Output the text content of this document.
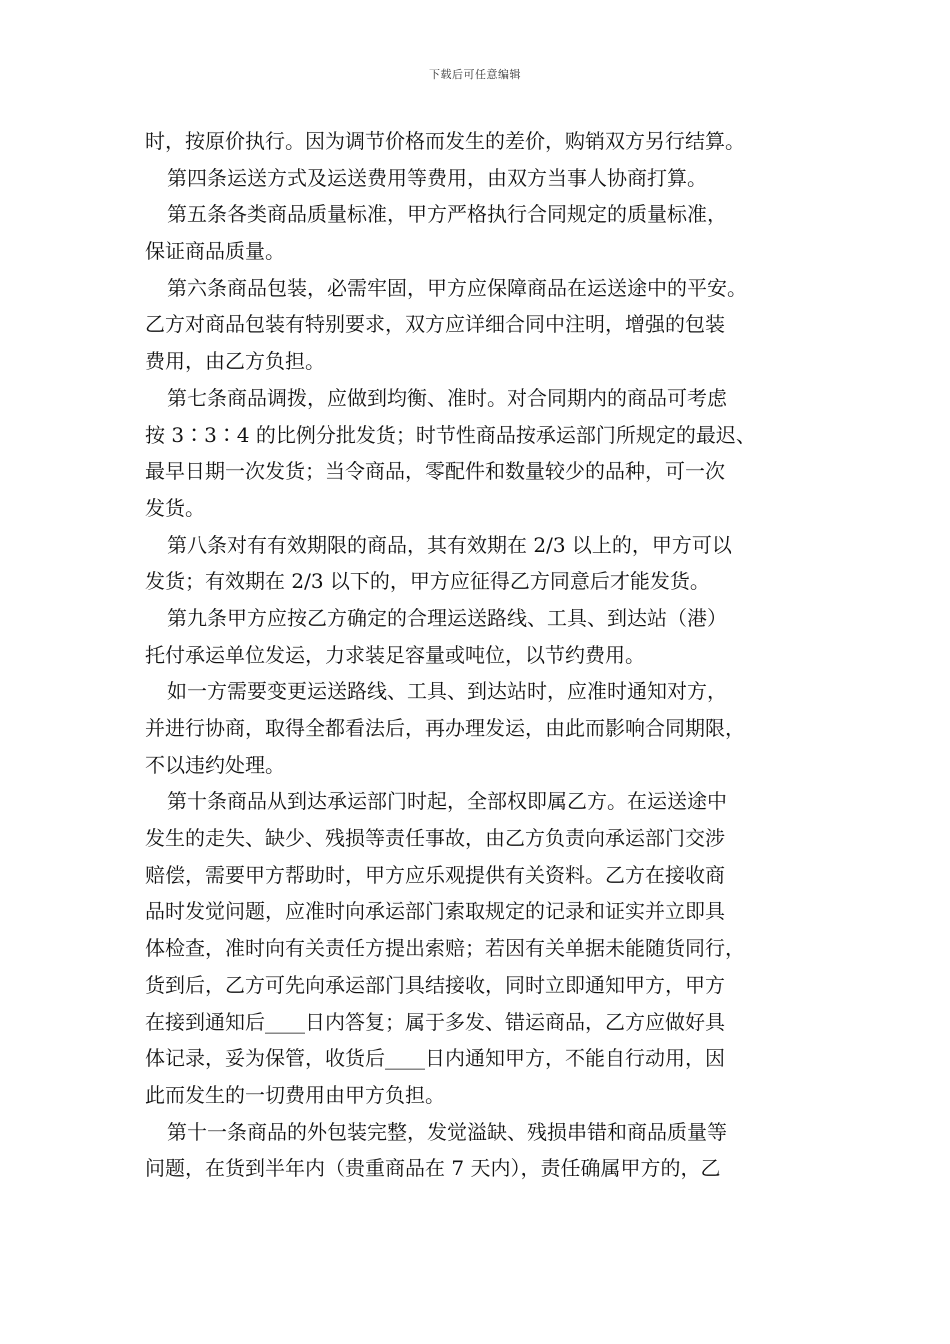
下载后可任意编辑
时，按原价执行。因为调节价格而发生的差价，购销双方另行结算。
第四条运送方式及运送费用等费用，由双方当事人协商打算。
第五条各类商品质量标准，甲方严格执行合同规定的质量标准，
保证商品质量。
第六条商品包装，必需牢固，甲方应保障商品在运送途中的平安。
乙方对商品包装有特别要求，双方应详细合同中注明，增强的包装
费用，由乙方负担。
第七条商品调拨，应做到均衡、准时。对合同期内的商品可考虑
按 3∶3∶4 的比例分批发货；时节性商品按承运部门所规定的最迟、
最早日期一次发货；当令商品，零配件和数量较少的品种，可一次
发货。
第八条对有有效期限的商品，其有效期在 2/3 以上的，甲方可以
发货；有效期在 2/3 以下的，甲方应征得乙方同意后才能发货。
第九条甲方应按乙方确定的合理运送路线、工具、到达站（港）
托付承运单位发运，力求装足容量或吨位，以节约费用。
如一方需要变更运送路线、工具、到达站时，应准时通知对方，
并进行协商，取得全都看法后，再办理发运，由此而影响合同期限，
不以违约处理。
第十条商品从到达承运部门时起，全部权即属乙方。在运送途中
发生的走失、缺少、残损等责任事故，由乙方负责向承运部门交涉
赔偿，需要甲方帮助时，甲方应乐观提供有关资料。乙方在接收商
品时发觉问题，应准时向承运部门索取规定的记录和证实并立即具
体检查，准时向有关责任方提出索赔；若因有关单据未能随货同行，
货到后，乙方可先向承运部门具结接收，同时立即通知甲方，甲方
在接到通知后____日内答复；属于多发、错运商品，乙方应做好具
体记录，妥为保管，收货后____日内通知甲方，不能自行动用，因
此而发生的一切费用由甲方负担。
第十一条商品的外包装完整，发觉溢缺、残损串错和商品质量等
问题，在货到半年内（贵重商品在 7 天内），责任确属甲方的，乙
